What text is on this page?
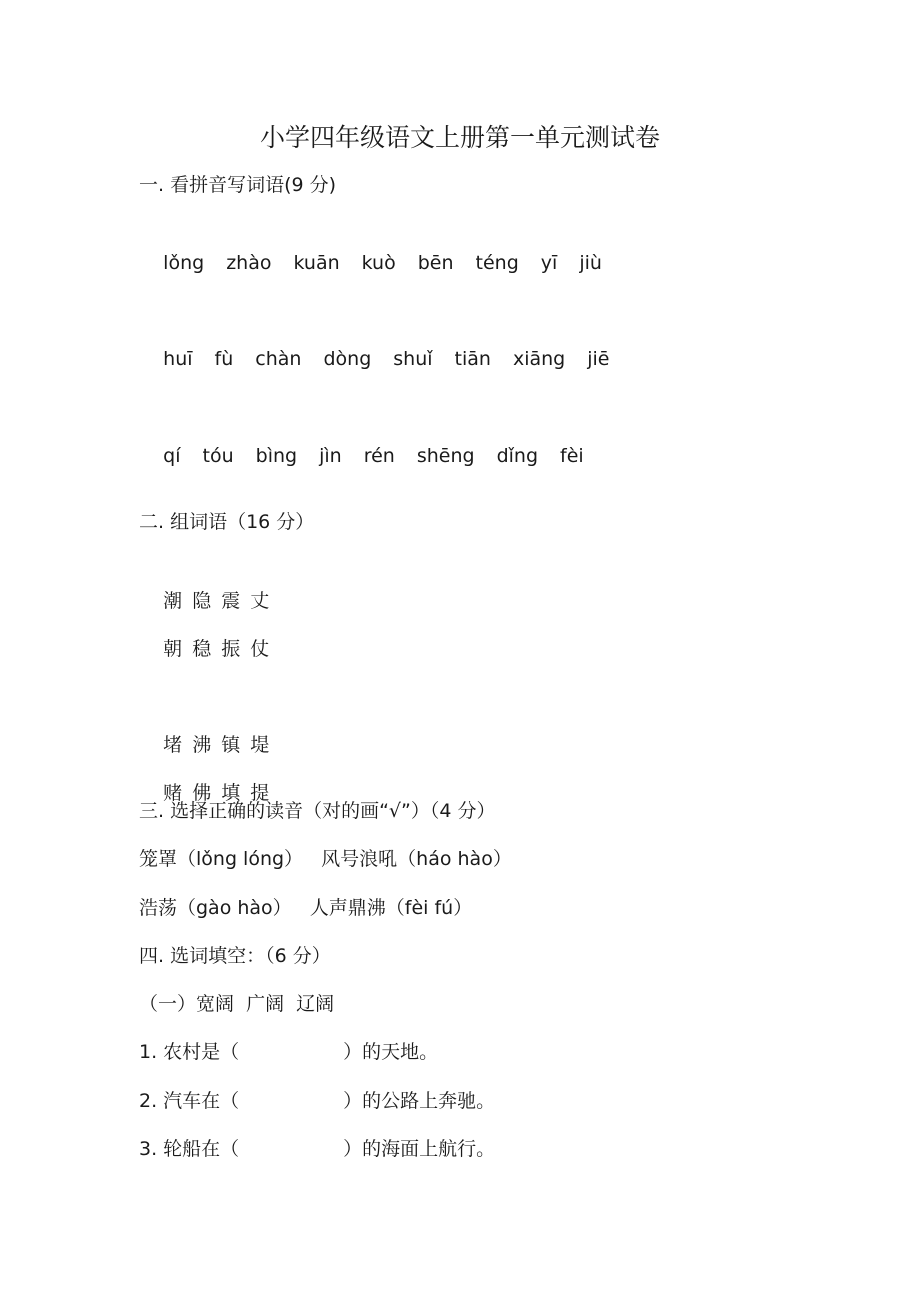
小学四年级语文上册第一单元测试卷
一. 看拼音写词语(9 分)

lǒng zhào kuān kuò bēn téng yī jiù

huī fù chàn dòng shuǐ tiān xiāng jiē

qí tóu bìng jìn rén shēng dǐng fèi

二. 组词语（16 分）

潮 隐 震 丈

朝 稳 振 仗

堵 沸 镇 堤

赌 佛 填 提

三. 选择正确的读音（对的画“√”）（4 分）
笼罩（lǒng lóng）   风号浪吼（háo hào）
浩荡（gào hào）   人声鼎沸（fèi fú）
四. 选词填空：（6 分）
（一）宽阔  广阔  辽阔
1. 农村是（	）的天地。
2. 汽车在（	）的公路上奔驰。
3. 轮船在（	）的海面上航行。
